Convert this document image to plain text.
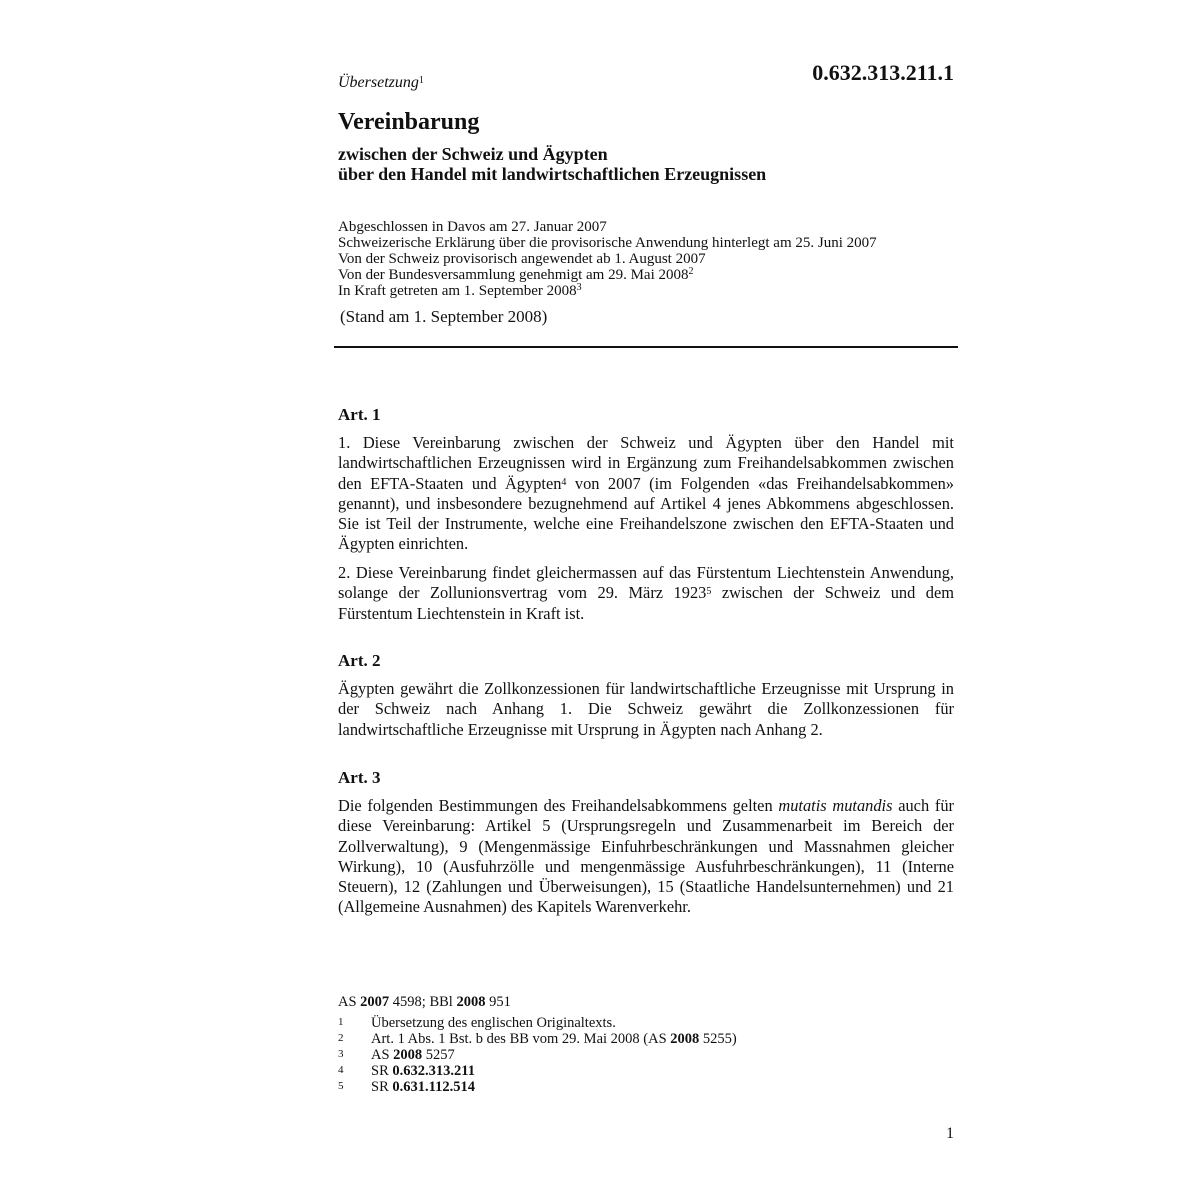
0.632.313.211.1
Übersetzung$^1$
Vereinbarung
zwischen der Schweiz und Ägypten
über den Handel mit landwirtschaftlichen Erzeugnissen
Abgeschlossen in Davos am 27. Januar 2007
Schweizerische Erklärung über die provisorische Anwendung hinterlegt am 25. Juni 2007
Von der Schweiz provisorisch angewendet ab 1. August 2007
Von der Bundesversammlung genehmigt am 29. Mai 2008$^2$
In Kraft getreten am 1. September 2008$^3$
(Stand am 1. September 2008)
Art. 1
1. Diese Vereinbarung zwischen der Schweiz und Ägypten über den Handel mit landwirtschaftlichen Erzeugnissen wird in Ergänzung zum Freihandelsabkommen zwischen den EFTA-Staaten und Ägypten$^4$ von 2007 (im Folgenden «das Freihandelsabkommen» genannt), und insbesondere bezugnehmend auf Artikel 4 jenes Abkommens abgeschlossen. Sie ist Teil der Instrumente, welche eine Freihandelszone zwischen den EFTA-Staaten und Ägypten einrichten.
2. Diese Vereinbarung findet gleichermassen auf das Fürstentum Liechtenstein Anwendung, solange der Zollunionsvertrag vom 29. März 1923$^5$ zwischen der Schweiz und dem Fürstentum Liechtenstein in Kraft ist.
Art. 2
Ägypten gewährt die Zollkonzessionen für landwirtschaftliche Erzeugnisse mit Ursprung in der Schweiz nach Anhang 1. Die Schweiz gewährt die Zollkonzessionen für landwirtschaftliche Erzeugnisse mit Ursprung in Ägypten nach Anhang 2.
Art. 3
Die folgenden Bestimmungen des Freihandelsabkommens gelten mutatis mutandis auch für diese Vereinbarung: Artikel 5 (Ursprungsregeln und Zusammenarbeit im Bereich der Zollverwaltung), 9 (Mengenmässige Einfuhrbeschränkungen und Massnahmen gleicher Wirkung), 10 (Ausfuhrzölle und mengenmässige Ausfuhrbeschränkungen), 11 (Interne Steuern), 12 (Zahlungen und Überweisungen), 15 (Staatliche Handelsunternehmen) und 21 (Allgemeine Ausnahmen) des Kapitels Warenverkehr.
AS 2007 4598; BBl 2008 951
1	Übersetzung des englischen Originaltexts.
2	Art. 1 Abs. 1 Bst. b des BB vom 29. Mai 2008 (AS 2008 5255)
3	AS 2008 5257
4	SR 0.632.313.211
5	SR 0.631.112.514
1
